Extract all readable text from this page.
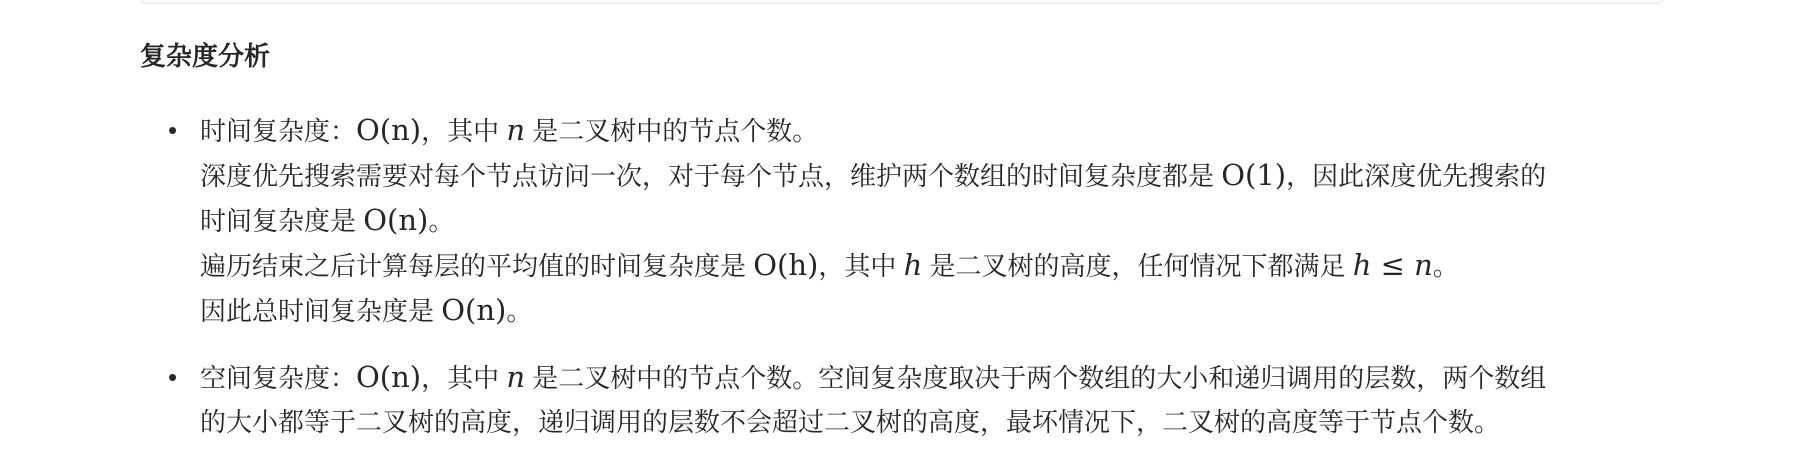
复杂度分析
• 时间复杂度：O(n)，其中 n 是二叉树中的节点个数。
深度优先搜索需要对每个节点访问一次，对于每个节点，维护两个数组的时间复杂度都是 O(1)，因此深度优先搜索的
时间复杂度是 O(n)。
遍历结束之后计算每层的平均值的时间复杂度是 O(h)，其中 h 是二叉树的高度，任何情况下都满足 h ≤ n。
因此总时间复杂度是 O(n)。
• 空间复杂度：O(n)，其中 n 是二叉树中的节点个数。空间复杂度取决于两个数组的大小和递归调用的层数，两个数组
的大小都等于二叉树的高度，递归调用的层数不会超过二叉树的高度，最坏情况下，二叉树的高度等于节点个数。
